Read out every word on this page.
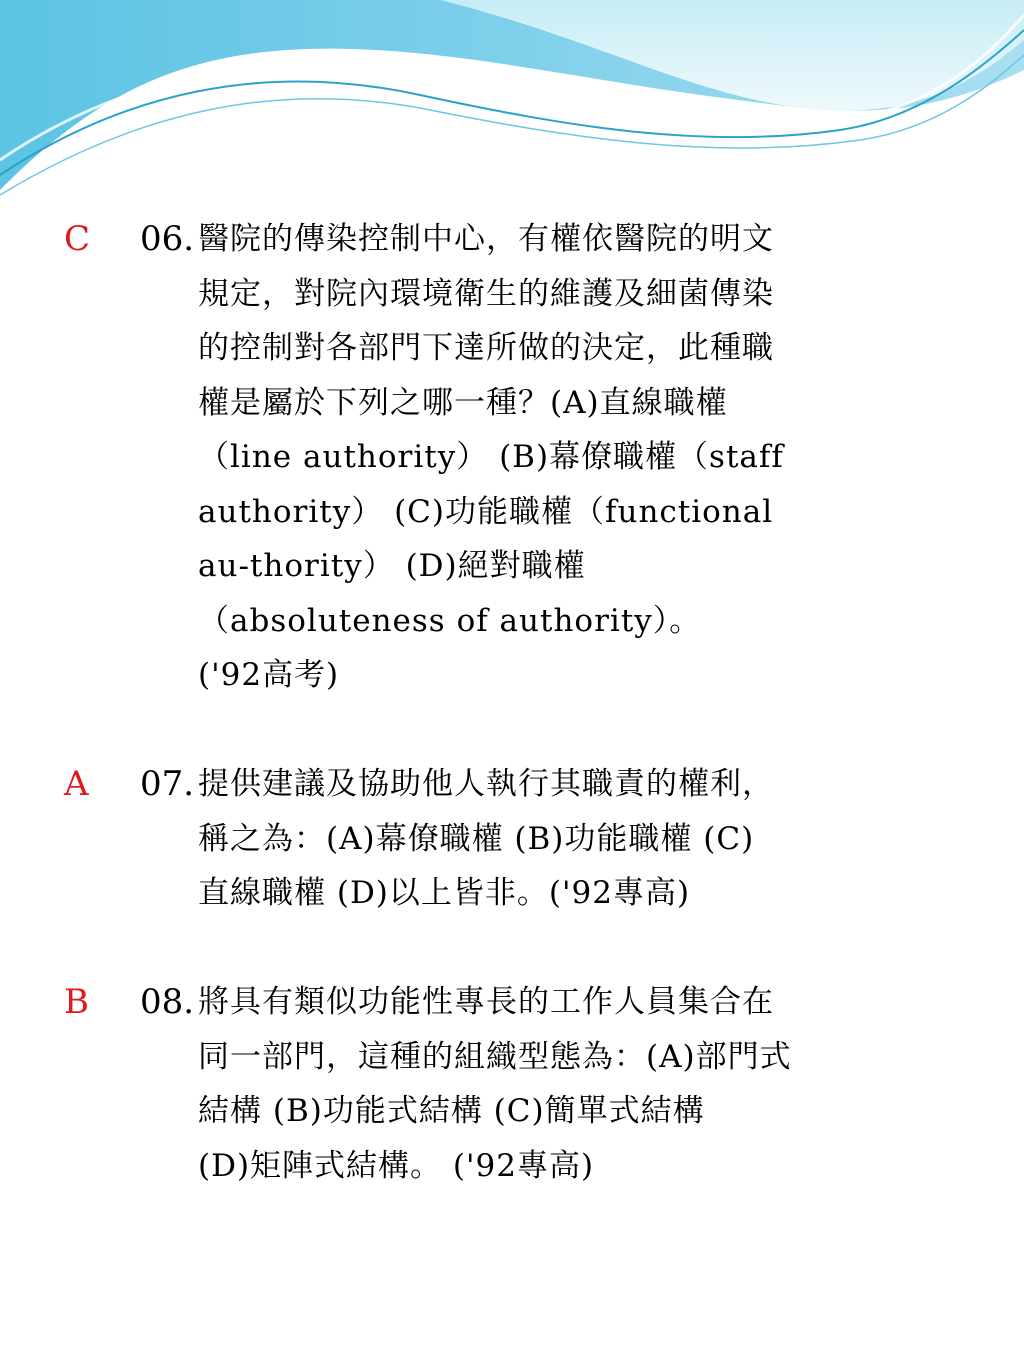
C 06. 醫院的傳染控制中心，有權依醫院的明文
規定，對院內環境衛生的維護及細菌傳染
的控制對各部門下達所做的決定，此種職
權是屬於下列之哪一種？(A)直線職權
（line authority） (B)幕僚職權（staff
authority） (C)功能職權（functional
au-thority） (D)絕對職權
（absoluteness of authority）。
('92高考)
A 07. 提供建議及協助他人執行其職責的權利，
稱之為：(A)幕僚職權 (B)功能職權 (C)
直線職權 (D)以上皆非。('92專高)
B 08. 將具有類似功能性專長的工作人員集合在
同一部門，這種的組織型態為：(A)部門式
結構 (B)功能式結構 (C)簡單式結構
(D)矩陣式結構。 ('92專高)
